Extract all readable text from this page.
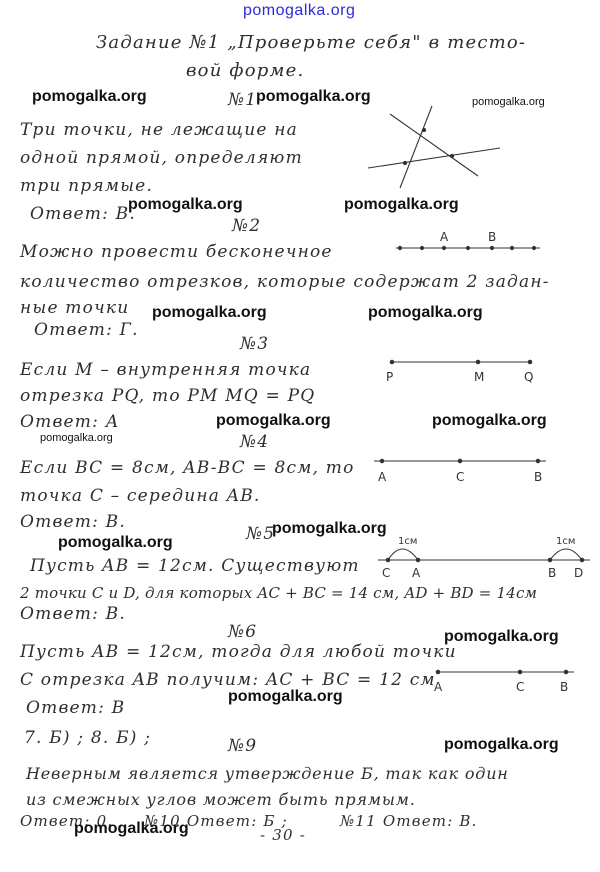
pomogalka.org
Задание №1 „Проверьте себя" в тесто-
вой форме.
pomogalka.org	№1
pomogalka.org	pomogalka.org
Три точки, не лежащие на
одной прямой, определяют
три прямые.
Ответ: В.
pomogalka.org	pomogalka.org
№2
Можно провести бесконечное
количество отрезков, которые содержат 2 задан-
ные точки
Ответ: Г.
pomogalka.org	pomogalka.org
A	B
№3
Если M – внутренняя точка
отрезка PQ, то PM MQ = PQ
Ответ: А
P	M	Q
pomogalka.org	pomogalka.org
pomogalka.org	№4
Если BC = 8см, AB-BC = 8см, то
точка C – середина AB.
Ответ: В.
A	C	B
pomogalka.org
№5
pomogalka.org
Пусть AB = 12см. Существуют
2 точки C и D, для которых AC + BC = 14 см, AD + BD = 14см
Ответ: В.
1см	1см
C A	B D
№6	pomogalka.org
Пусть AB = 12см, тогда для любой точки
C отрезка AB получим: AC + BC = 12 см
pomogalka.org
Ответ: В
7. Б) ; 8. Б) ;
A	C	B
№9	pomogalka.org
Неверным является утверждение Б, так как один
из смежных углов может быть прямым.
Ответ: 0. №10 Ответ: Б ;	№11 Ответ: В.
pomogalka.org	- 30 -
